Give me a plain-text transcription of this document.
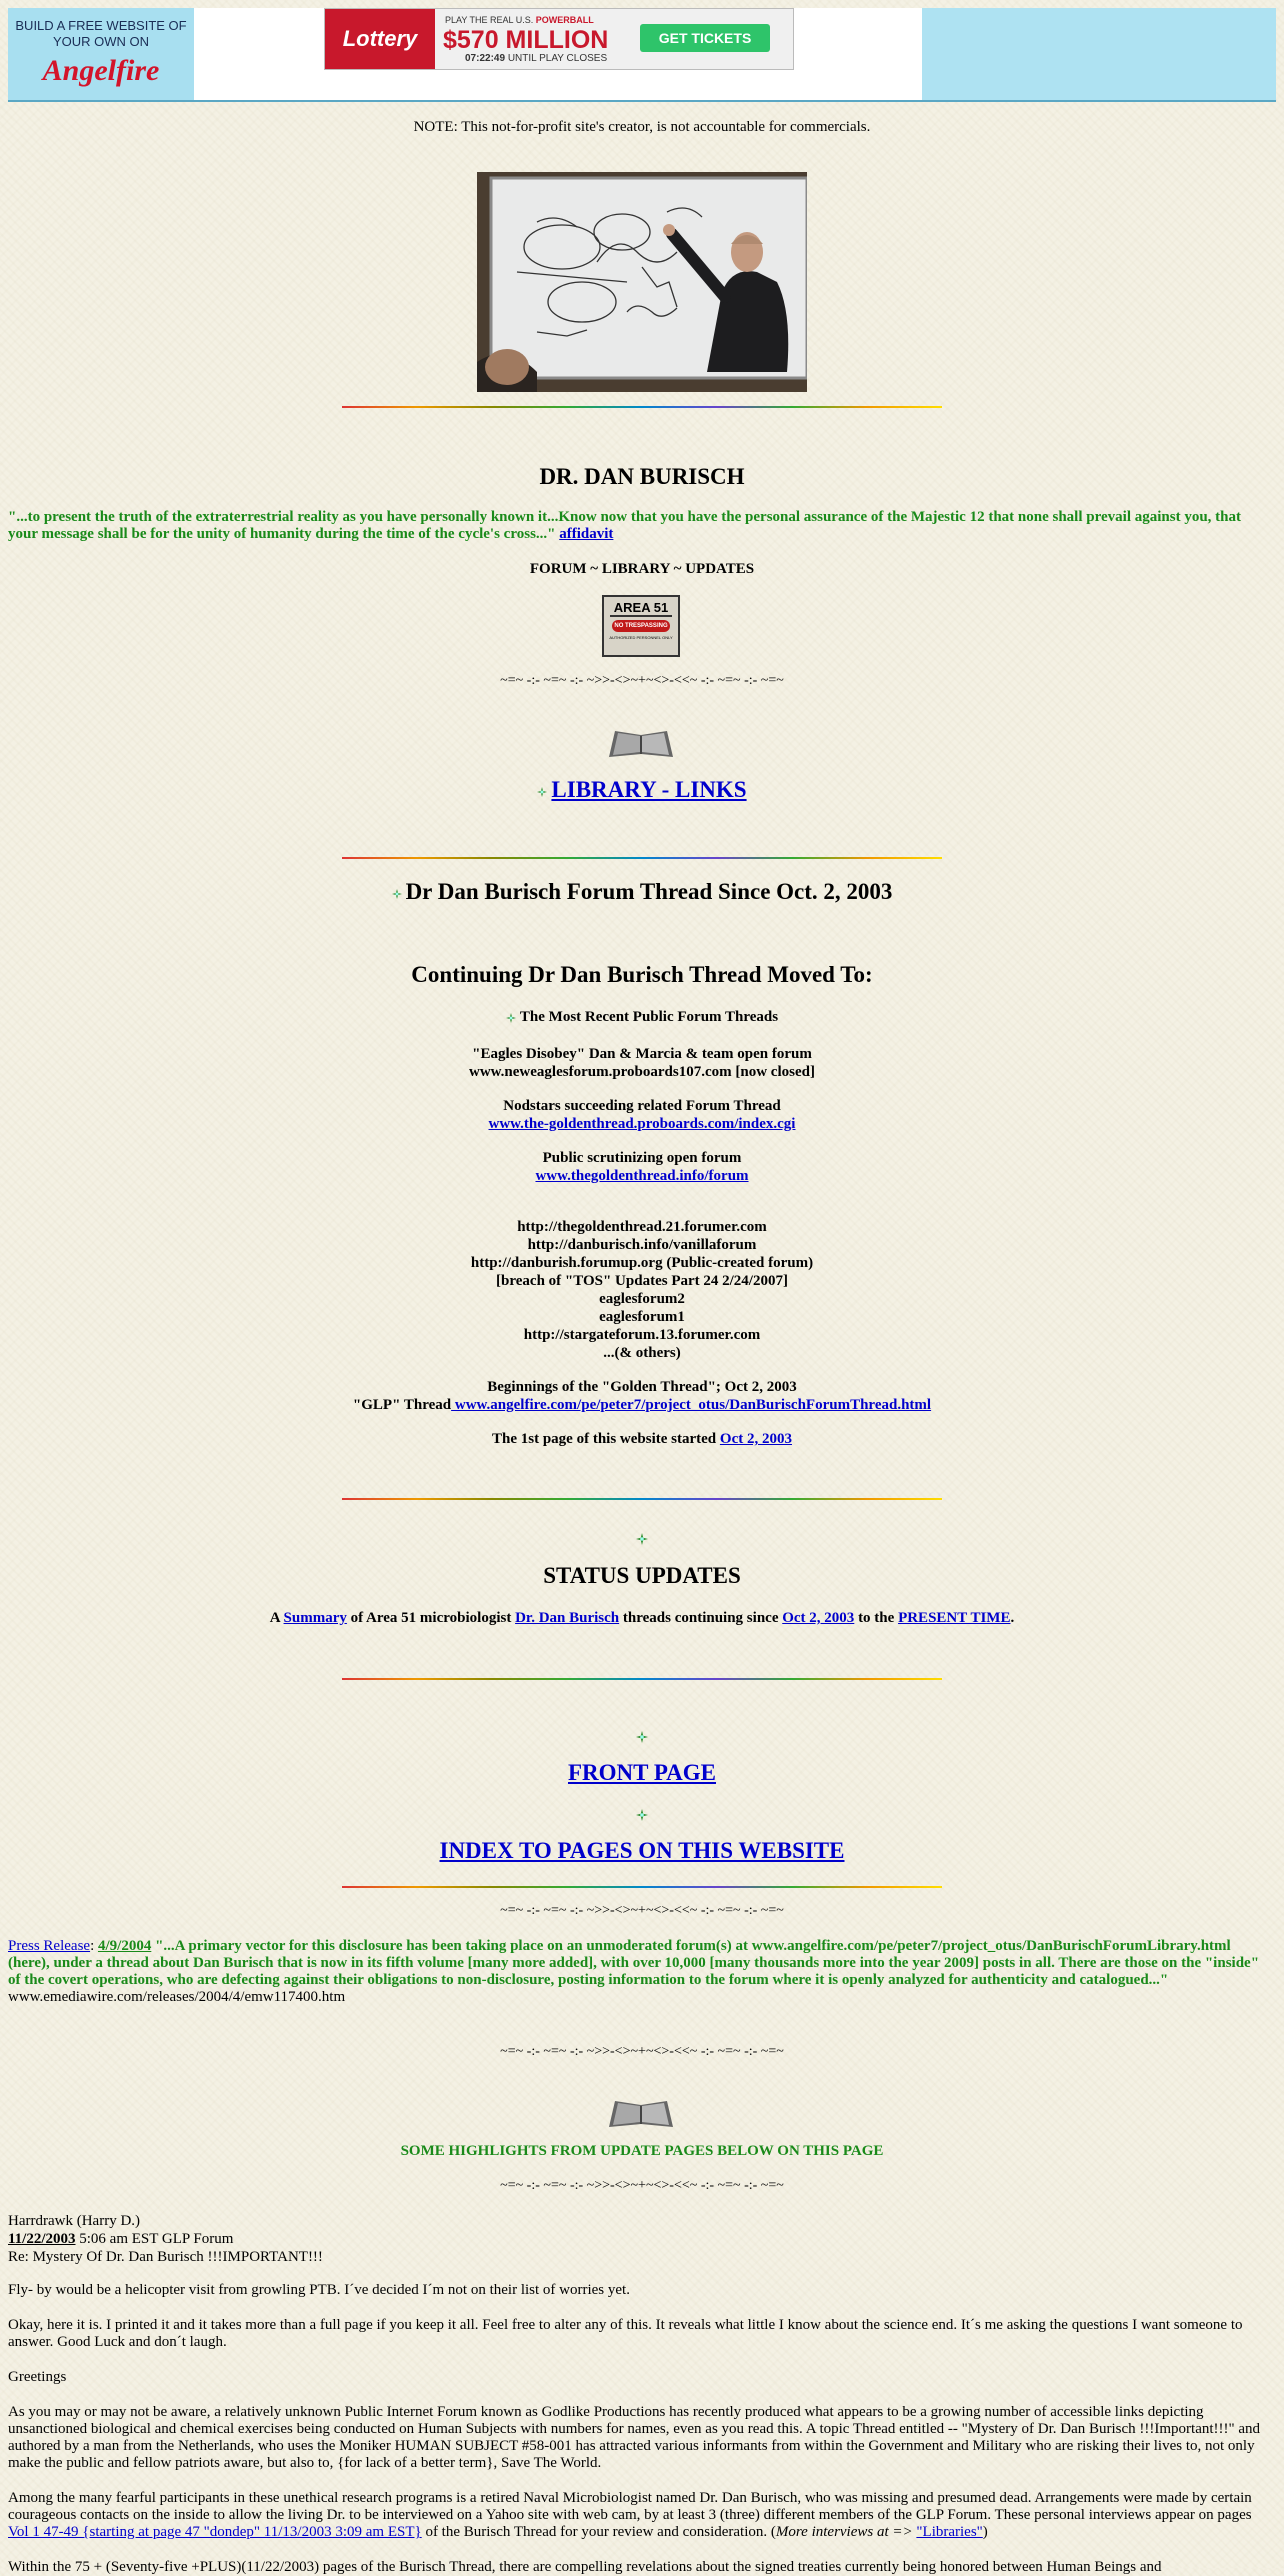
BUILD A FREE WEBSITE OF YOUR OWN ON
Angelfire
Lottery
PLAY THE REAL U.S. POWERBALL
$570 MILLION
07:22:49 UNTIL PLAY CLOSES
GET TICKETS
NOTE: This not-for-profit site's creator, is not accountable for commercials.
DR. DAN BURISCH
"...to present the truth of the extraterrestrial reality as you have personally known it...Know now that you have the personal assurance of the Majestic 12 that none shall prevail against you, that your message shall be for the unity of humanity during the time of the cycle's cross..." affidavit
FORUM ~ LIBRARY ~ UPDATES
AREA 51
NO TRESPASSING
AUTHORIZED PERSONNEL ONLY
~=~ -:- ~=~ -:- ~>>-<>~+~<>-<<~ -:- ~=~ -:- ~=~
LIBRARY - LINKS
Dr Dan Burisch Forum Thread Since Oct. 2, 2003
Continuing Dr Dan Burisch Thread Moved To:
The Most Recent Public Forum Threads
"Eagles Disobey" Dan & Marcia & team open forum
www.neweaglesforum.proboards107.com [now closed]
Nodstars succeeding related Forum Thread
www.the-goldenthread.proboards.com/index.cgi
Public scrutinizing open forum
www.thegoldenthread.info/forum
http://thegoldenthread.21.forumer.com
http://danburisch.info/vanillaforum
http://danburish.forumup.org (Public-created forum)
[breach of "TOS" Updates Part 24 2/24/2007]
eaglesforum2
eaglesforum1
http://stargateforum.13.forumer.com
...(& others)
Beginnings of the "Golden Thread"; Oct 2, 2003
"GLP" Thread www.angelfire.com/pe/peter7/project_otus/DanBurischForumThread.html
The 1st page of this website started Oct 2, 2003
STATUS UPDATES
A Summary of Area 51 microbiologist Dr. Dan Burisch threads continuing since Oct 2, 2003 to the PRESENT TIME.
FRONT PAGE
INDEX TO PAGES ON THIS WEBSITE
~=~ -:- ~=~ -:- ~>>-<>~+~<>-<<~ -:- ~=~ -:- ~=~
Press Release: 4/9/2004 "...A primary vector for this disclosure has been taking place on an unmoderated forum(s) at www.angelfire.com/pe/peter7/project_otus/DanBurischForumLibrary.html (here), under a thread about Dan Burisch that is now in its fifth volume [many more added], with over 10,000 [many thousands more into the year 2009] posts in all. There are those on the "inside" of the covert operations, who are defecting against their obligations to non-disclosure, posting information to the forum where it is openly analyzed for authenticity and catalogued..."
www.emediawire.com/releases/2004/4/emw117400.htm
~=~ -:- ~=~ -:- ~>>-<>~+~<>-<<~ -:- ~=~ -:- ~=~
SOME HIGHLIGHTS FROM UPDATE PAGES BELOW ON THIS PAGE
~=~ -:- ~=~ -:- ~>>-<>~+~<>-<<~ -:- ~=~ -:- ~=~
Harrdrawk (Harry D.)
11/22/2003 5:06 am EST GLP Forum
Re: Mystery Of Dr. Dan Burisch !!!IMPORTANT!!!
Fly- by would be a helicopter visit from growling PTB. I´ve decided I´m not on their list of worries yet.
Okay, here it is. I printed it and it takes more than a full page if you keep it all. Feel free to alter any of this. It reveals what little I know about the science end. It´s me asking the questions I want someone to answer. Good Luck and don´t laugh.
Greetings
As you may or may not be aware, a relatively unknown Public Internet Forum known as Godlike Productions has recently produced what appears to be a growing number of accessible links depicting unsanctioned biological and chemical exercises being conducted on Human Subjects with numbers for names, even as you read this. A topic Thread entitled -- "Mystery of Dr. Dan Burisch !!!Important!!!" and authored by a man from the Netherlands, who uses the Moniker HUMAN SUBJECT #58-001 has attracted various informants from within the Government and Military who are risking their lives to, not only make the public and fellow patriots aware, but also to, {for lack of a better term}, Save The World.
Among the many fearful participants in these unethical research programs is a retired Naval Microbiologist named Dr. Dan Burisch, who was missing and presumed dead. Arrangements were made by certain courageous contacts on the inside to allow the living Dr. to be interviewed on a Yahoo site with web cam, by at least 3 (three) different members of the GLP Forum. These personal interviews appear on pages Vol 1 47-49 {starting at page 47 "dondep" 11/13/2003 3:09 am EST} of the Burisch Thread for your review and consideration. (More interviews at => "Libraries")
Within the 75 + (Seventy-five +PLUS)(11/22/2003) pages of the Burisch Thread, there are compelling revelations about the signed treaties currently being honored between Human Beings and
